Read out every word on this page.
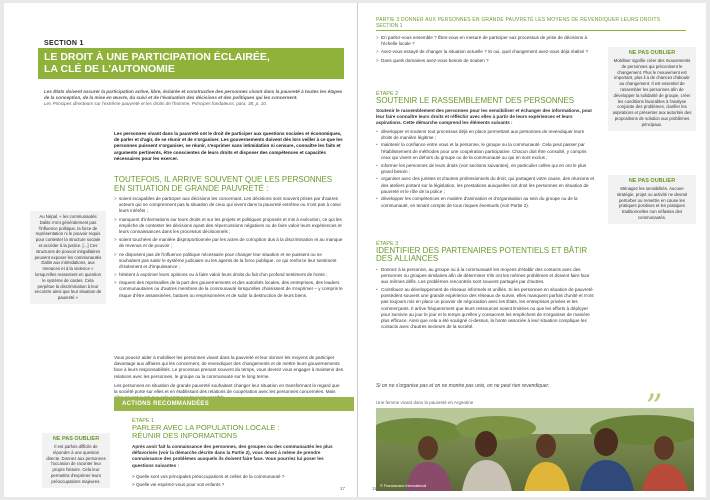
SECTION 1
LE DROIT À UNE PARTICIPATION ÉCLAIRÉE,
LA CLÉ DE L'AUTONOMIE

Les États doivent assurer la participation active, libre, éclairée et constructive des personnes vivant dans la pauvreté à toutes les étapes de la conception, de la mise en œuvre, du suivi et de l'évaluation des décisions et des politiques qui les concernent.

Les Principes directeurs sur l'extrême pauvreté et les droits de l'homme, Principes fondateurs, para. 38, p. 10.

Les personnes vivant dans la pauvreté ont le droit de participer aux questions sociales et économiques, de parler et d'agir, de se réunir et de s'organiser. Les gouvernements doivent dès lors veiller à ce que les personnes puissent s'organiser, se réunir, s'exprimer sans intimidation ni censure, connaître les faits et arguments pertinents, être conscientes de leurs droits et disposer des compétences et capacités nécessaires pour les exercer.

TOUTEFOIS, IL ARRIVE SOUVENT QUE LES PERSONNES EN SITUATION DE GRANDE PAUVRETÉ :
> soient incapables de participer aux décisions les concernant. Les décisions sont souvent prises par d'autres acteurs qui ne comprennent pas la situation de ceux qui vivent dans la pauvreté extrême ou n'ont pas à cœur leurs intérêts ;
> manquent d'informations sur leurs droits et sur les projets et politiques proposés et mis à exécution, ce qui les empêche de contester les décisions ayant des répercussions négatives ou de faire valoir leurs expériences et leurs connaissances dans les processus décisionnels ;
> soient touchées de manière disproportionnée par les actes de corruption dus à la discrimination et au manque de revenus et de pouvoir ;
> ne disposent pas de l'influence politique nécessaire pour changer leur situation et ne puissent ou ne souhaitent pas saisir le système judiciaire ou les agents de la force publique, ce qui renforce leur sentiment d'isolement et d'impuissance ;
> hésitent à exprimer leurs opinions ou à faire valoir leurs droits du fait d'un profond sentiment de honte ;
> risquent des représailles de la part des gouvernements et des autorités locales, des entreprises, des leaders communautaires ou d'autres membres de la communauté lorsqu'elles choisissent de s'exprimer – y compris le risque d'être assassinées, battues ou emprisonnées et de subir la destruction de leurs biens.

Vous pouvez aider à mobiliser les personnes vivant dans la pauvreté et leur donner les moyens de participer davantage aux affaires qui les concernent, de revendiquer des changements et de mettre leurs gouvernements face à leurs responsabilités. Le processus prenant souvent du temps, vous devrez vous engager à maintenir des relations avec les personnes, le groupe ou la communauté sur le long terme.

Les personnes en situation de grande pauvreté souhaitant changer leur situation en transformant le regard que la société porte sur elles et en établissant des relations de coopération avec les personnes concernées. Mais

Au Népal, « les communautés Dalits n'ont généralement pas l'influence politique, la force de représentation ni le pouvoir requis pour contester la structure sociale et accéder à la justice. [...] Ces structures de pouvoir inégalitaires peuvent exposer les communautés Dalits aux intimidations, aux menaces et à la violence » lorsqu'elles ressentent en question le système de castes. Cela perpétue la discrimination à leur encontre ainsi que leur situation de pauvreté »

ACTIONS RECOMMANDÉES
ÉTAPE 1
PARLER AVEC LA POPULATION LOCALE :
RÉUNIR DES INFORMATIONS

Après avoir fait la connaissance des personnes, des groupes ou des communautés les plus défavorisés (voir la démarche décrite dans la Partie 2), vous devez à même de prendre connaissance des problèmes auxquels ils doivent faire face. Vous pourriez lui poser les questions suivantes :

> Quelle sont vos principales préoccupations et celles de la communauté ?
> Quelle vie espérez-vous pour vos enfants ?
NE PAS OUBLIER

Il est parfois difficile de répondre à une question directe. Donnez aux personnes l'occasion de raconter leur propre histoire. Cela leur permettra d'exprimer leurs préoccupations majeures.

17
PARTIE 3 DONNER AUX PERSONNES EN GRANDE PAUVRETÉ LES MOYENS DE REVENDIQUER LEURS DROITS
SECTION 1
> En parlez-vous ensemble ? Êtes-vous en mesure de participer aux processus de prise de décisions à l'échelle locale ?
> Avez-vous essayé de changer la situation actuelle ? Si oui, quel changement avez-vous déjà réalisé ?
> Dans quels domaines avez-vous besoin de soutien ?
ÉTAPE 2
SOUTENIR LE RASSEMBLEMENT DES PERSONNES

Soutenir le rassemblement des personnes pour les sensibiliser et échanger des informations, pour leur faire connaître leurs droits et réfléchir avec elles à partir de leurs expériences et leurs aspirations. Cette démarche comprend les éléments suivants :

• développer et soutenir tout processus déjà en place permettant aux personnes de revendiquer leurs droits de manière légitime ;
• maintenir la confiance entre vous et la personne, le groupe ou la communauté. Cela peut passer par l'établissement de méthodes pour une coopération participative. Chacun doit être consulté, y compris ceux qui vivent en dehors du groupe ou de la communauté ou qui en sont exclus ;
• informer les personnes de leurs droits (voir sections suivantes), en particulier celles qui en ont le plus grand besoin ;
• organiser avec des juristes et d'autres professionnels du droit, qui partagent votre cause, des réunions et des ateliers portant sur la législation, les prestations auxquelles ont droit les personnes en situation de pauvreté et le rôle de la police ;
• développer les compétences en matière d'animation et d'organisation au sein du groupe ou de la communauté, en tenant compte de tous risques éventuels (voir Partie 2).
ÉTAPE 3
IDENTIFIER DES PARTENAIRES POTENTIELS ET BÂTIR
DES ALLIANCES
• Donnez à la personne, au groupe ou à la communauté les moyens d'établir des contacts avec des personnes ou groupes similaires afin de déterminer s'ils ont les mêmes problèmes et doivent faire face aux mêmes défis. Les problèmes rencontrés sont souvent partagés par d'autres.
• Contribuez au développement de réseaux informels et unifiés. Si les personnes en situation de pauvreté possèdent souvent une grande expérience des réseaux de survie, elles manquent parfois d'unité et n'ont pas toujours mis en place un pouvoir de négociation avec les États, les entreprises privées et les commerçants. Il arrive fréquemment que leurs ressources soient limitées ou que les efforts à déployer pour survivre au jour le jour et le temps qu'elles y consacrent les empêchent de s'organiser de manière plus efficace. Ainsi que cela a été souligné ci-dessus, la honte associée à leur situation complique les contacts avec d'autres secteurs de la société.
NE PAS OUBLIER

Mobiliser signifie créer des mouvements de personnes qui préconisent le changement. Plus le mouvement est important, plus il a de chances d'aboutir au changement. Il est essentiel de rassembler les personnes afin de développer la solidarité de groupe, créer les conditions favorables à l'analyse conjointe des problèmes, clarifier les aspirations et présenter aux autorités des propositions de solution aux problèmes principaux.

NE PAS OUBLIER

Ménagez les sensibilités. Aucune stratégie, projet ou activité ne devrait perturber ou remettre en cause les pratiques positives et les pratiques traditionnelles non néfastes des communautés.

Si on ne s'organise pas et on ne montre pas unis, on ne peut rien revendiquer.
Une femme vivant dans la pauvreté en Argentine	„
© Franciscans International
18
